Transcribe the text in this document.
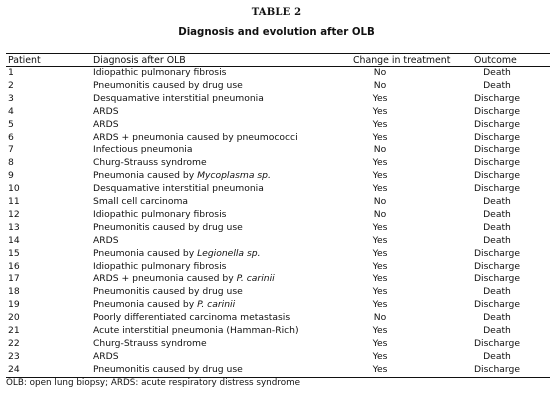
TABLE 2
Diagnosis and evolution after OLB
Patient	Diagnosis after OLB	Change in treatment	Outcome
1	Idiopathic pulmonary fibrosis	No	Death
2	Pneumonitis caused by drug use	No	Death
3	Desquamative interstitial pneumonia	Yes	Discharge
4	ARDS	Yes	Discharge
5	ARDS	Yes	Discharge
6	ARDS + pneumonia caused by pneumococci	Yes	Discharge
7	Infectious pneumonia	No	Discharge
8	Churg-Strauss syndrome	Yes	Discharge
9	Pneumonia caused by Mycoplasma sp.	Yes	Discharge
10	Desquamative interstitial pneumonia	Yes	Discharge
11	Small cell carcinoma	No	Death
12	Idiopathic pulmonary fibrosis	No	Death
13	Pneumonitis caused by drug use	Yes	Death
14	ARDS	Yes	Death
15	Pneumonia caused by Legionella sp.	Yes	Discharge
16	Idiopathic pulmonary fibrosis	Yes	Discharge
17	ARDS + pneumonia caused by P. carinii	Yes	Discharge
18	Pneumonitis caused by drug use	Yes	Death
19	Pneumonia caused by P. carinii	Yes	Discharge
20	Poorly differentiated carcinoma metastasis	No	Death
21	Acute interstitial pneumonia (Hamman-Rich)	Yes	Death
22	Churg-Strauss syndrome	Yes	Discharge
23	ARDS	Yes	Death
24	Pneumonitis caused by drug use	Yes	Discharge
OLB: open lung biopsy; ARDS: acute respiratory distress syndrome
